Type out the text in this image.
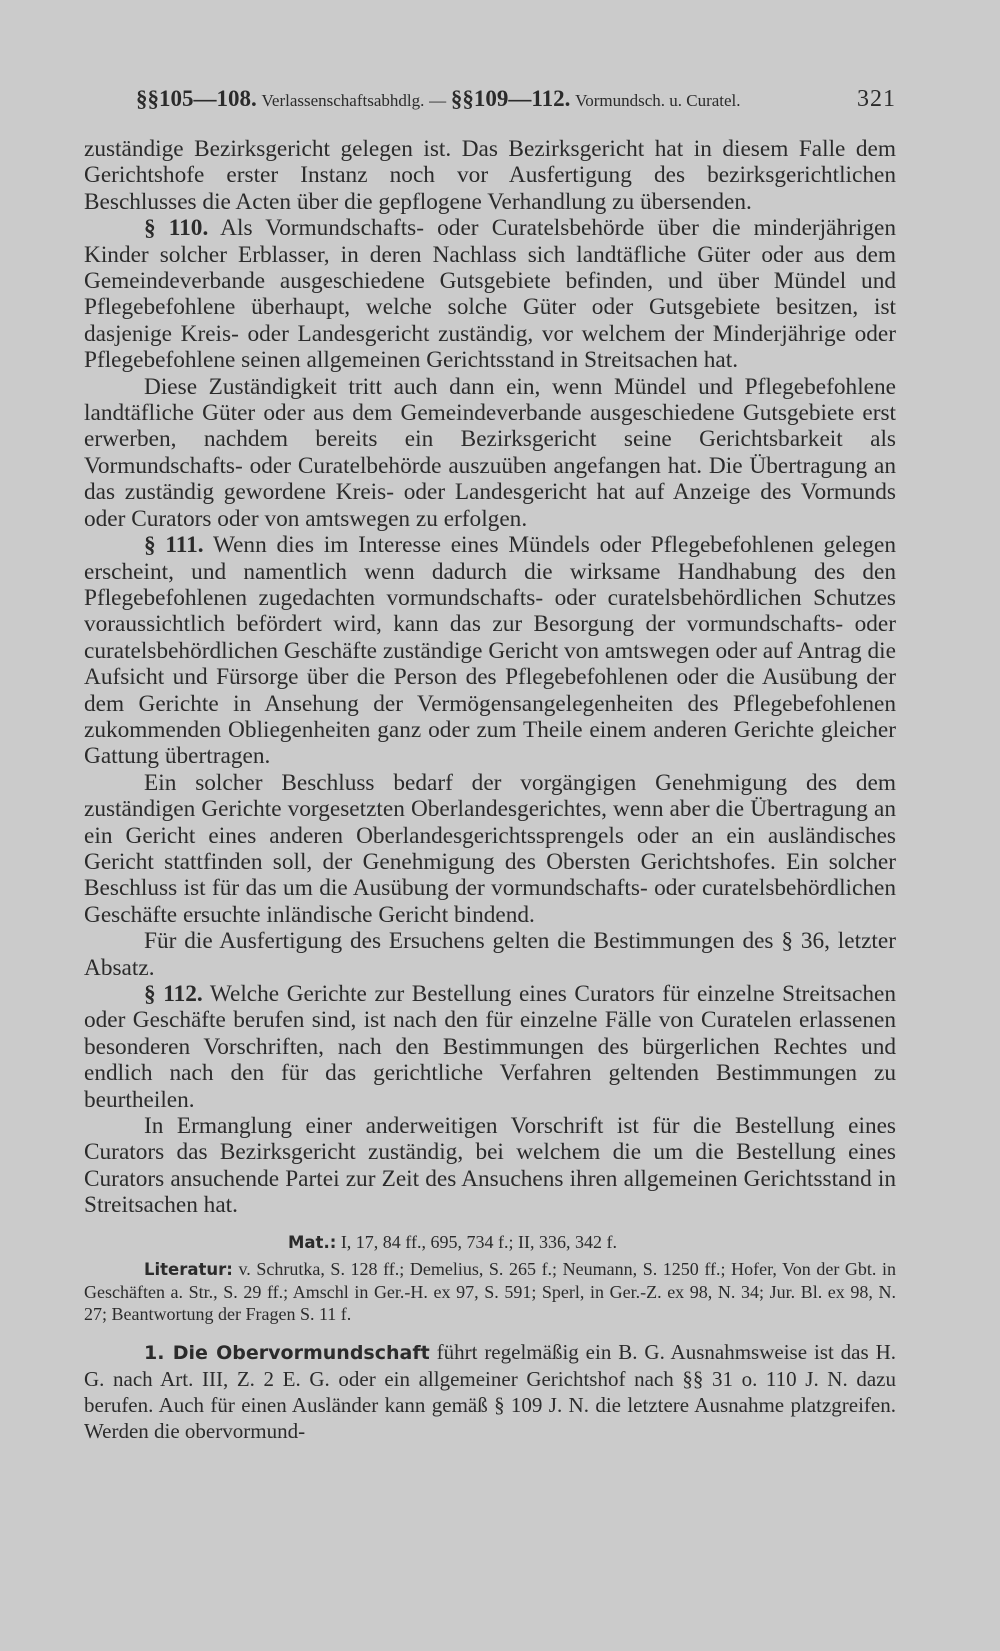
§§105—108. Verlassenschaftsabhdlg. — §§109—112. Vormundsch. u. Curatel.	321

zuständige Bezirksgericht gelegen ist. Das Bezirksgericht hat in diesem Falle dem Gerichtshofe erster Instanz noch vor Ausfertigung des bezirksgerichtlichen Beschlusses die Acten über die gepflogene Verhandlung zu übersenden.

§ 110. Als Vormundschafts- oder Curatelsbehörde über die minderjährigen Kinder solcher Erblasser, in deren Nachlass sich landtäfliche Güter oder aus dem Gemeindeverbande ausgeschiedene Gutsgebiete befinden, und über Mündel und Pflegebefohlene überhaupt, welche solche Güter oder Gutsgebiete besitzen, ist dasjenige Kreis- oder Landesgericht zuständig, vor welchem der Minderjährige oder Pflegebefohlene seinen allgemeinen Gerichtsstand in Streitsachen hat.

Diese Zuständigkeit tritt auch dann ein, wenn Mündel und Pflegebefohlene landtäfliche Güter oder aus dem Gemeindeverbande ausgeschiedene Gutsgebiete erst erwerben, nachdem bereits ein Bezirksgericht seine Gerichtsbarkeit als Vormundschafts- oder Curatelbehörde auszuüben angefangen hat. Die Übertragung an das zuständig gewordene Kreis- oder Landesgericht hat auf Anzeige des Vormunds oder Curators oder von amtswegen zu erfolgen.

§ 111. Wenn dies im Interesse eines Mündels oder Pflegebefohlenen gelegen erscheint, und namentlich wenn dadurch die wirksame Handhabung des den Pflegebefohlenen zugedachten vormundschafts- oder curatelsbehördlichen Schutzes voraussichtlich befördert wird, kann das zur Besorgung der vormundschafts- oder curatelsbehördlichen Geschäfte zuständige Gericht von amtswegen oder auf Antrag die Aufsicht und Fürsorge über die Person des Pflegebefohlenen oder die Ausübung der dem Gerichte in Ansehung der Vermögensangelegenheiten des Pflegebefohlenen zukommenden Obliegenheiten ganz oder zum Theile einem anderen Gerichte gleicher Gattung übertragen.

Ein solcher Beschluss bedarf der vorgängigen Genehmigung des dem zuständigen Gerichte vorgesetzten Oberlandesgerichtes, wenn aber die Übertragung an ein Gericht eines anderen Oberlandesgerichtssprengels oder an ein ausländisches Gericht stattfinden soll, der Genehmigung des Obersten Gerichtshofes. Ein solcher Beschluss ist für das um die Ausübung der vormundschafts- oder curatelsbehördlichen Geschäfte ersuchte inländische Gericht bindend.

Für die Ausfertigung des Ersuchens gelten die Bestimmungen des § 36, letzter Absatz.

§ 112. Welche Gerichte zur Bestellung eines Curators für einzelne Streitsachen oder Geschäfte berufen sind, ist nach den für einzelne Fälle von Curatelen erlassenen besonderen Vorschriften, nach den Bestimmungen des bürgerlichen Rechtes und endlich nach den für das gerichtliche Verfahren geltenden Bestimmungen zu beurtheilen.

In Ermanglung einer anderweitigen Vorschrift ist für die Bestellung eines Curators das Bezirksgericht zuständig, bei welchem die um die Bestellung eines Curators ansuchende Partei zur Zeit des Ansuchens ihren allgemeinen Gerichtsstand in Streitsachen hat.

Mat.: I, 17, 84 ff., 695, 734 f.; II, 336, 342 f.

Literatur: v. Schrutka, S. 128 ff.; Demelius, S. 265 f.; Neumann, S. 1250 ff.; Hofer, Von der Gbt. in Geschäften a. Str., S. 29 ff.; Amschl in Ger.-H. ex 97, S. 591; Sperl, in Ger.-Z. ex 98, N. 34; Jur. Bl. ex 98, N. 27; Beantwortung der Fragen S. 11 f.

1. Die Obervormundschaft führt regelmäßig ein B. G. Ausnahmsweise ist das H. G. nach Art. III, Z. 2 E. G. oder ein allgemeiner Gerichtshof nach §§ 31 o. 110 J. N. dazu berufen. Auch für einen Ausländer kann gemäß § 109 J. N. die letztere Ausnahme platzgreifen. Werden die obervormund-
